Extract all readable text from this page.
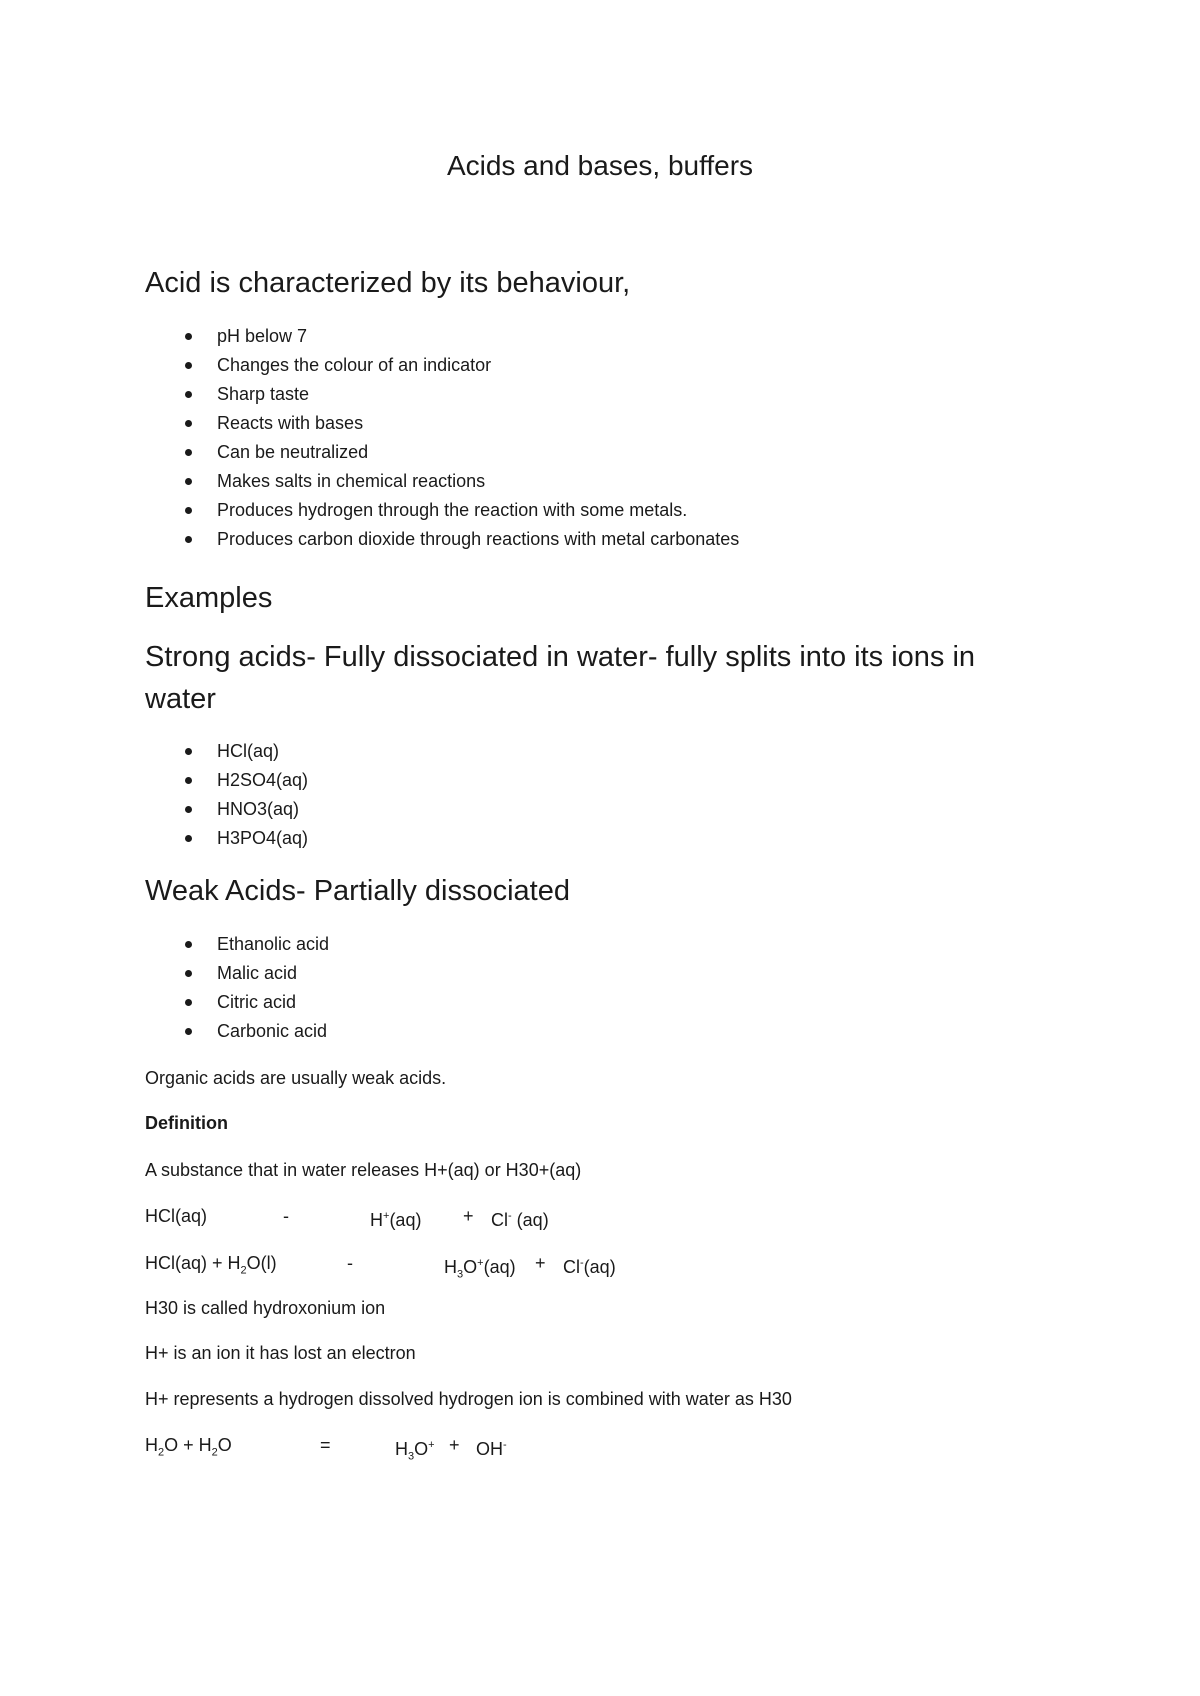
Acids and bases, buffers
Acid is characterized by its behaviour,
pH below 7
Changes the colour of an indicator
Sharp taste
Reacts with bases
Can be neutralized
Makes salts in chemical reactions
Produces hydrogen through the reaction with some metals.
Produces carbon dioxide through reactions with metal carbonates
Examples
Strong acids- Fully dissociated in water- fully splits into its ions in water
HCl(aq)
H2SO4(aq)
HNO3(aq)
H3PO4(aq)
Weak Acids- Partially dissociated
Ethanolic acid
Malic acid
Citric acid
Carbonic acid

Organic acids are usually weak acids.

Definition

A substance that in water releases H+(aq) or H30+(aq)

HCl(aq)	-	H+(aq) + Cl- (aq)
$HCl(aq) + H_2O(l)$	-	$H_3O^+(aq) + Cl^-(aq)$

H30 is called hydroxonium ion

H+ is an ion it has lost an electron

H+ represents a hydrogen dissolved hydrogen ion is combined with water as H30

$H_2O + H_2O$	=	$H_3O^+ + OH^-$
